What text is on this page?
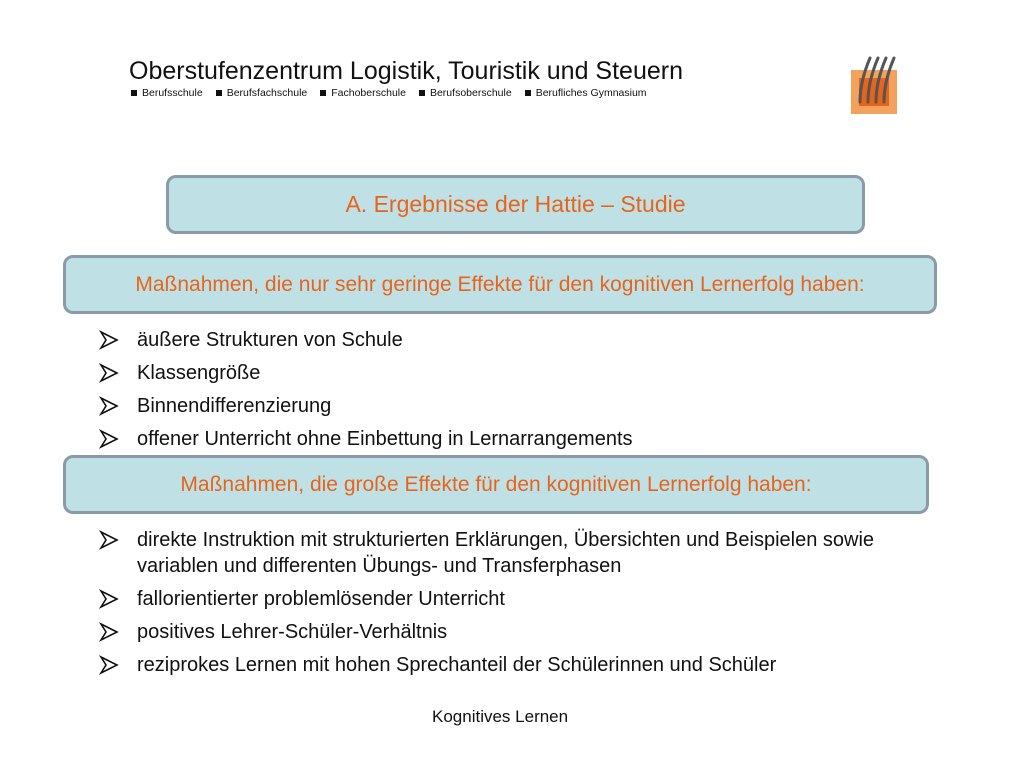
Oberstufenzentrum Logistik, Touristik und Steuern
Berufsschule Berufsfachschule Fachoberschule Berufsoberschule Berufliches Gymnasium
A. Ergebnisse der Hattie – Studie
Maßnahmen, die nur sehr geringe Effekte für den kognitiven Lernerfolg haben:
äußere Strukturen von Schule
Klassengröße
Binnendifferenzierung
offener Unterricht ohne Einbettung in Lernarrangements
Maßnahmen, die große Effekte für den kognitiven Lernerfolg haben:
direkte Instruktion mit strukturierten Erklärungen, Übersichten und Beispielen sowie variablen und differenten Übungs- und Transferphasen
fallorientierter problemlösender Unterricht
positives Lehrer-Schüler-Verhältnis
reziprokes Lernen mit hohen Sprechanteil der Schülerinnen und Schüler
Kognitives Lernen
